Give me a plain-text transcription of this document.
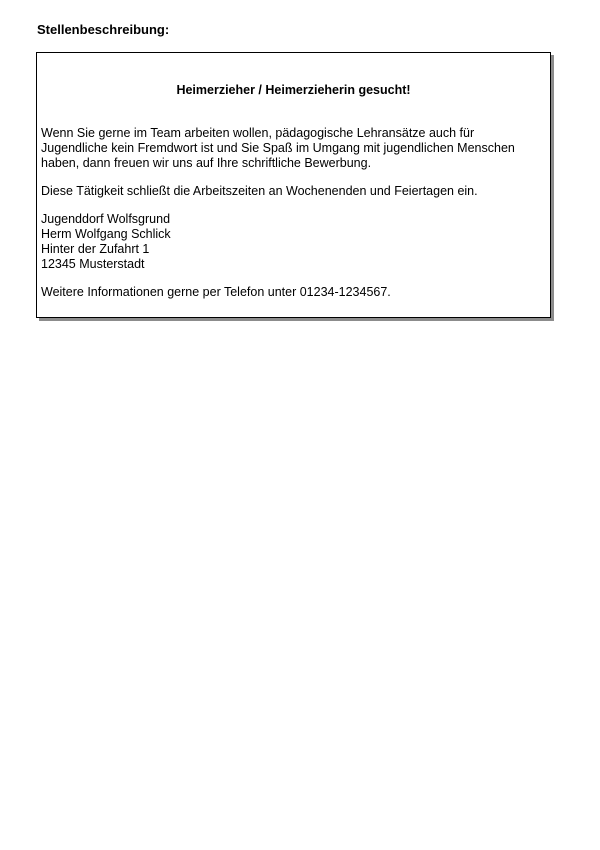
Stellenbeschreibung:
Heimerzieher / Heimerzieherin gesucht!
Wenn Sie gerne im Team arbeiten wollen, pädagogische Lehransätze auch für
Jugendliche kein Fremdwort ist und Sie Spaß im Umgang mit jugendlichen Menschen
haben, dann freuen wir uns auf Ihre schriftliche Bewerbung.
Diese Tätigkeit schließt die Arbeitszeiten an Wochenenden und Feiertagen ein.
Jugenddorf Wolfsgrund
Herm Wolfgang Schlick
Hinter der Zufahrt 1
12345 Musterstadt
Weitere Informationen gerne per Telefon unter 01234-1234567.
